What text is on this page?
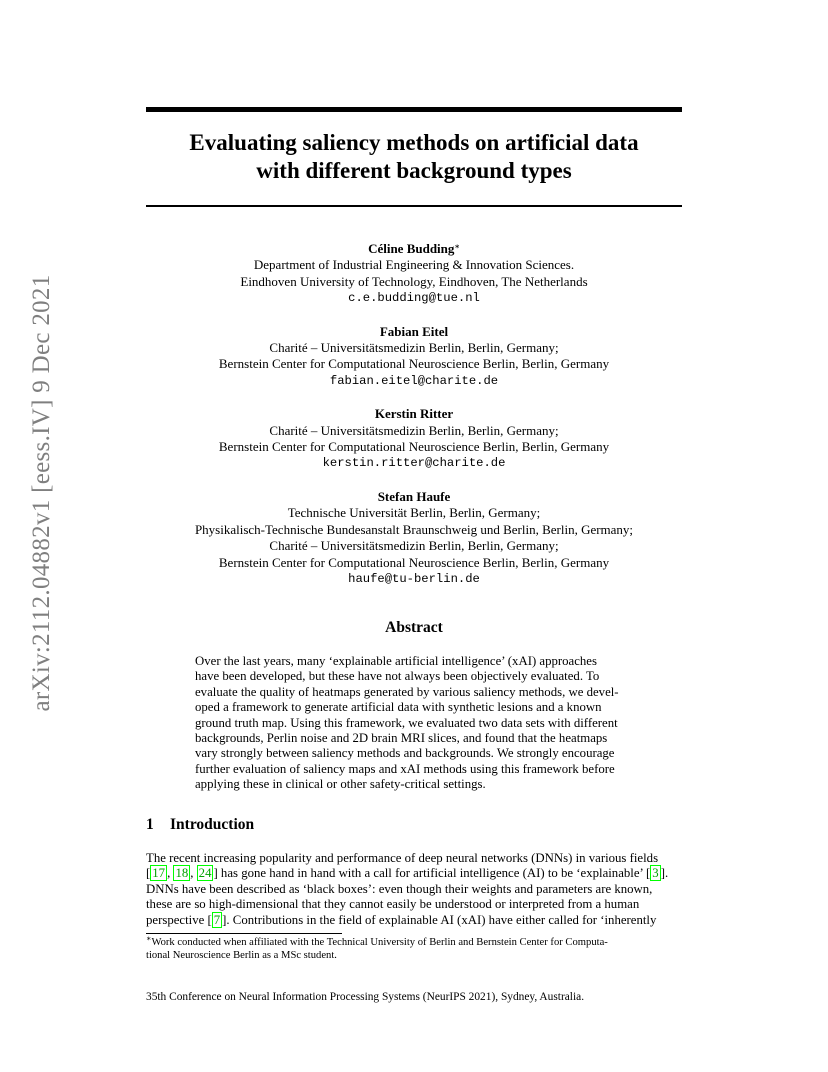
arXiv:2112.04882v1 [eess.IV] 9 Dec 2021
Evaluating saliency methods on artificial data
with different background types
Céline Budding∗
Department of Industrial Engineering & Innovation Sciences.
Eindhoven University of Technology, Eindhoven, The Netherlands
c.e.budding@tue.nl
Fabian Eitel
Charité – Universitätsmedizin Berlin, Berlin, Germany;
Bernstein Center for Computational Neuroscience Berlin, Berlin, Germany
fabian.eitel@charite.de
Kerstin Ritter
Charité – Universitätsmedizin Berlin, Berlin, Germany;
Bernstein Center for Computational Neuroscience Berlin, Berlin, Germany
kerstin.ritter@charite.de
Stefan Haufe
Technische Universität Berlin, Berlin, Germany;
Physikalisch-Technische Bundesanstalt Braunschweig und Berlin, Berlin, Germany;
Charité – Universitätsmedizin Berlin, Berlin, Germany;
Bernstein Center for Computational Neuroscience Berlin, Berlin, Germany
haufe@tu-berlin.de
Abstract
Over the last years, many ‘explainable artificial intelligence’ (xAI) approaches
have been developed, but these have not always been objectively evaluated. To
evaluate the quality of heatmaps generated by various saliency methods, we devel-
oped a framework to generate artificial data with synthetic lesions and a known
ground truth map. Using this framework, we evaluated two data sets with different
backgrounds, Perlin noise and 2D brain MRI slices, and found that the heatmaps
vary strongly between saliency methods and backgrounds. We strongly encourage
further evaluation of saliency maps and xAI methods using this framework before
applying these in clinical or other safety-critical settings.
1 Introduction
The recent increasing popularity and performance of deep neural networks (DNNs) in various fields
[ 17 , 18 , 24 ] has gone hand in hand with a call for artificial intelligence (AI) to be ‘explainable’ [ 3 ].
DNNs have been described as ‘black boxes’: even though their weights and parameters are known,
these are so high-dimensional that they cannot easily be understood or interpreted from a human
perspective [ 7 ]. Contributions in the field of explainable AI (xAI) have either called for ‘inherently
∗Work conducted when affiliated with the Technical University of Berlin and Bernstein Center for Computa-
tional Neuroscience Berlin as a MSc student.
35th Conference on Neural Information Processing Systems (NeurIPS 2021), Sydney, Australia.
